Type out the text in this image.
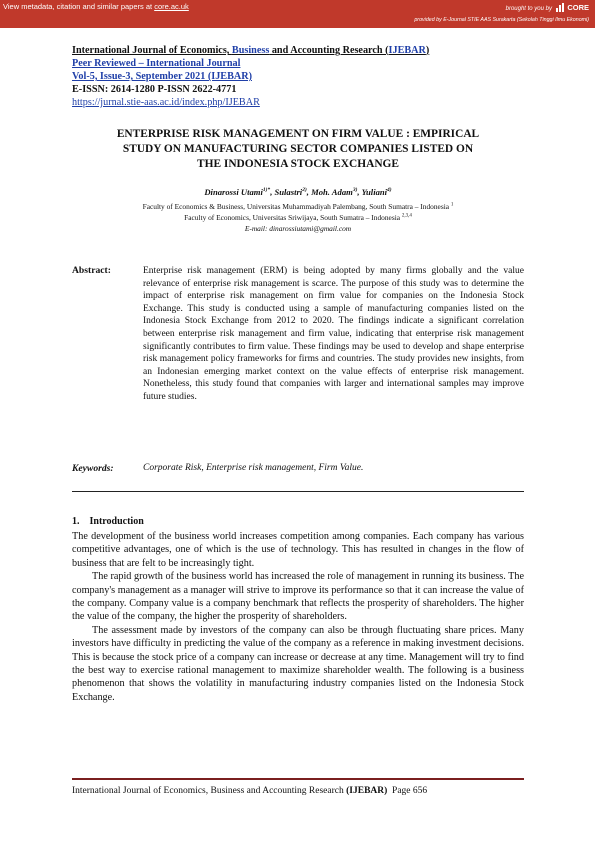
View metadata, citation and similar papers at core.ac.uk	brought to you by CORE
provided by E-Journal STIE AAS Surakarta (Sekolah Tinggi Ilmu Ekonomi)
International Journal of Economics, Business and Accounting Research (IJEBAR)
Peer Reviewed – International Journal
Vol-5, Issue-3, September 2021 (IJEBAR)
E-ISSN: 2614-1280 P-ISSN 2622-4771
https://jurnal.stie-aas.ac.id/index.php/IJEBAR
ENTERPRISE RISK MANAGEMENT ON FIRM VALUE : EMPIRICAL
STUDY ON MANUFACTURING SECTOR COMPANIES LISTED ON
THE INDONESIA STOCK EXCHANGE
Dinarossi Utami$^{1)*}$, Sulastri$^{2)}$, Moh. Adam$^{3)}$, Yuliani$^{4)}$
Faculty of Economics & Business, Universitas Muhammadiyah Palembang, South Sumatra – Indonesia $^1$
Faculty of Economics, Universitas Sriwijaya, South Sumatra – Indonesia $^{2,3,4}$
E-mail: dinarossiutami@gmail.com
Abstract:	Enterprise risk management (ERM) is being adopted by many firms globally and the value relevance of enterprise risk management is scarce. The purpose of this study was to determine the impact of enterprise risk management on firm value for companies on the Indonesia Stock Exchange. This study is conducted using a sample of manufacturing companies listed on the Indonesia Stock Exchange from 2012 to 2020. The findings indicate a significant correlation between enterprise risk management and firm value, indicating that enterprise risk management significantly contributes to firm value. These findings may be used to develop and shape enterprise risk management policy frameworks for firms and countries. The study provides new insights, from an Indonesian emerging market context on the value effects of enterprise risk management. Nonetheless, this study found that companies with larger and international samples may improve future studies.
Keywords:	Corporate Risk, Enterprise risk management, Firm Value.
1.    Introduction

The development of the business world increases competition among companies. Each company has various competitive advantages, one of which is the use of technology. This has resulted in changes in the flow of business that are felt to be increasingly tight.

The rapid growth of the business world has increased the role of management in running its business. The company's management as a manager will strive to improve its performance so that it can increase the value of the company. Company value is a company benchmark that reflects the prosperity of shareholders. The higher the value of the company, the higher the prosperity of shareholders.

The assessment made by investors of the company can also be through fluctuating share prices. Many investors have difficulty in predicting the value of the company as a reference in making investment decisions. This is because the stock price of a company can increase or decrease at any time. Management will try to find the best way to exercise rational management to maximize shareholder wealth. The following is a business phenomenon that shows the volatility in manufacturing industry companies listed on the Indonesia Stock Exchange.

International Journal of Economics, Business and Accounting Research (IJEBAR) Page 656
